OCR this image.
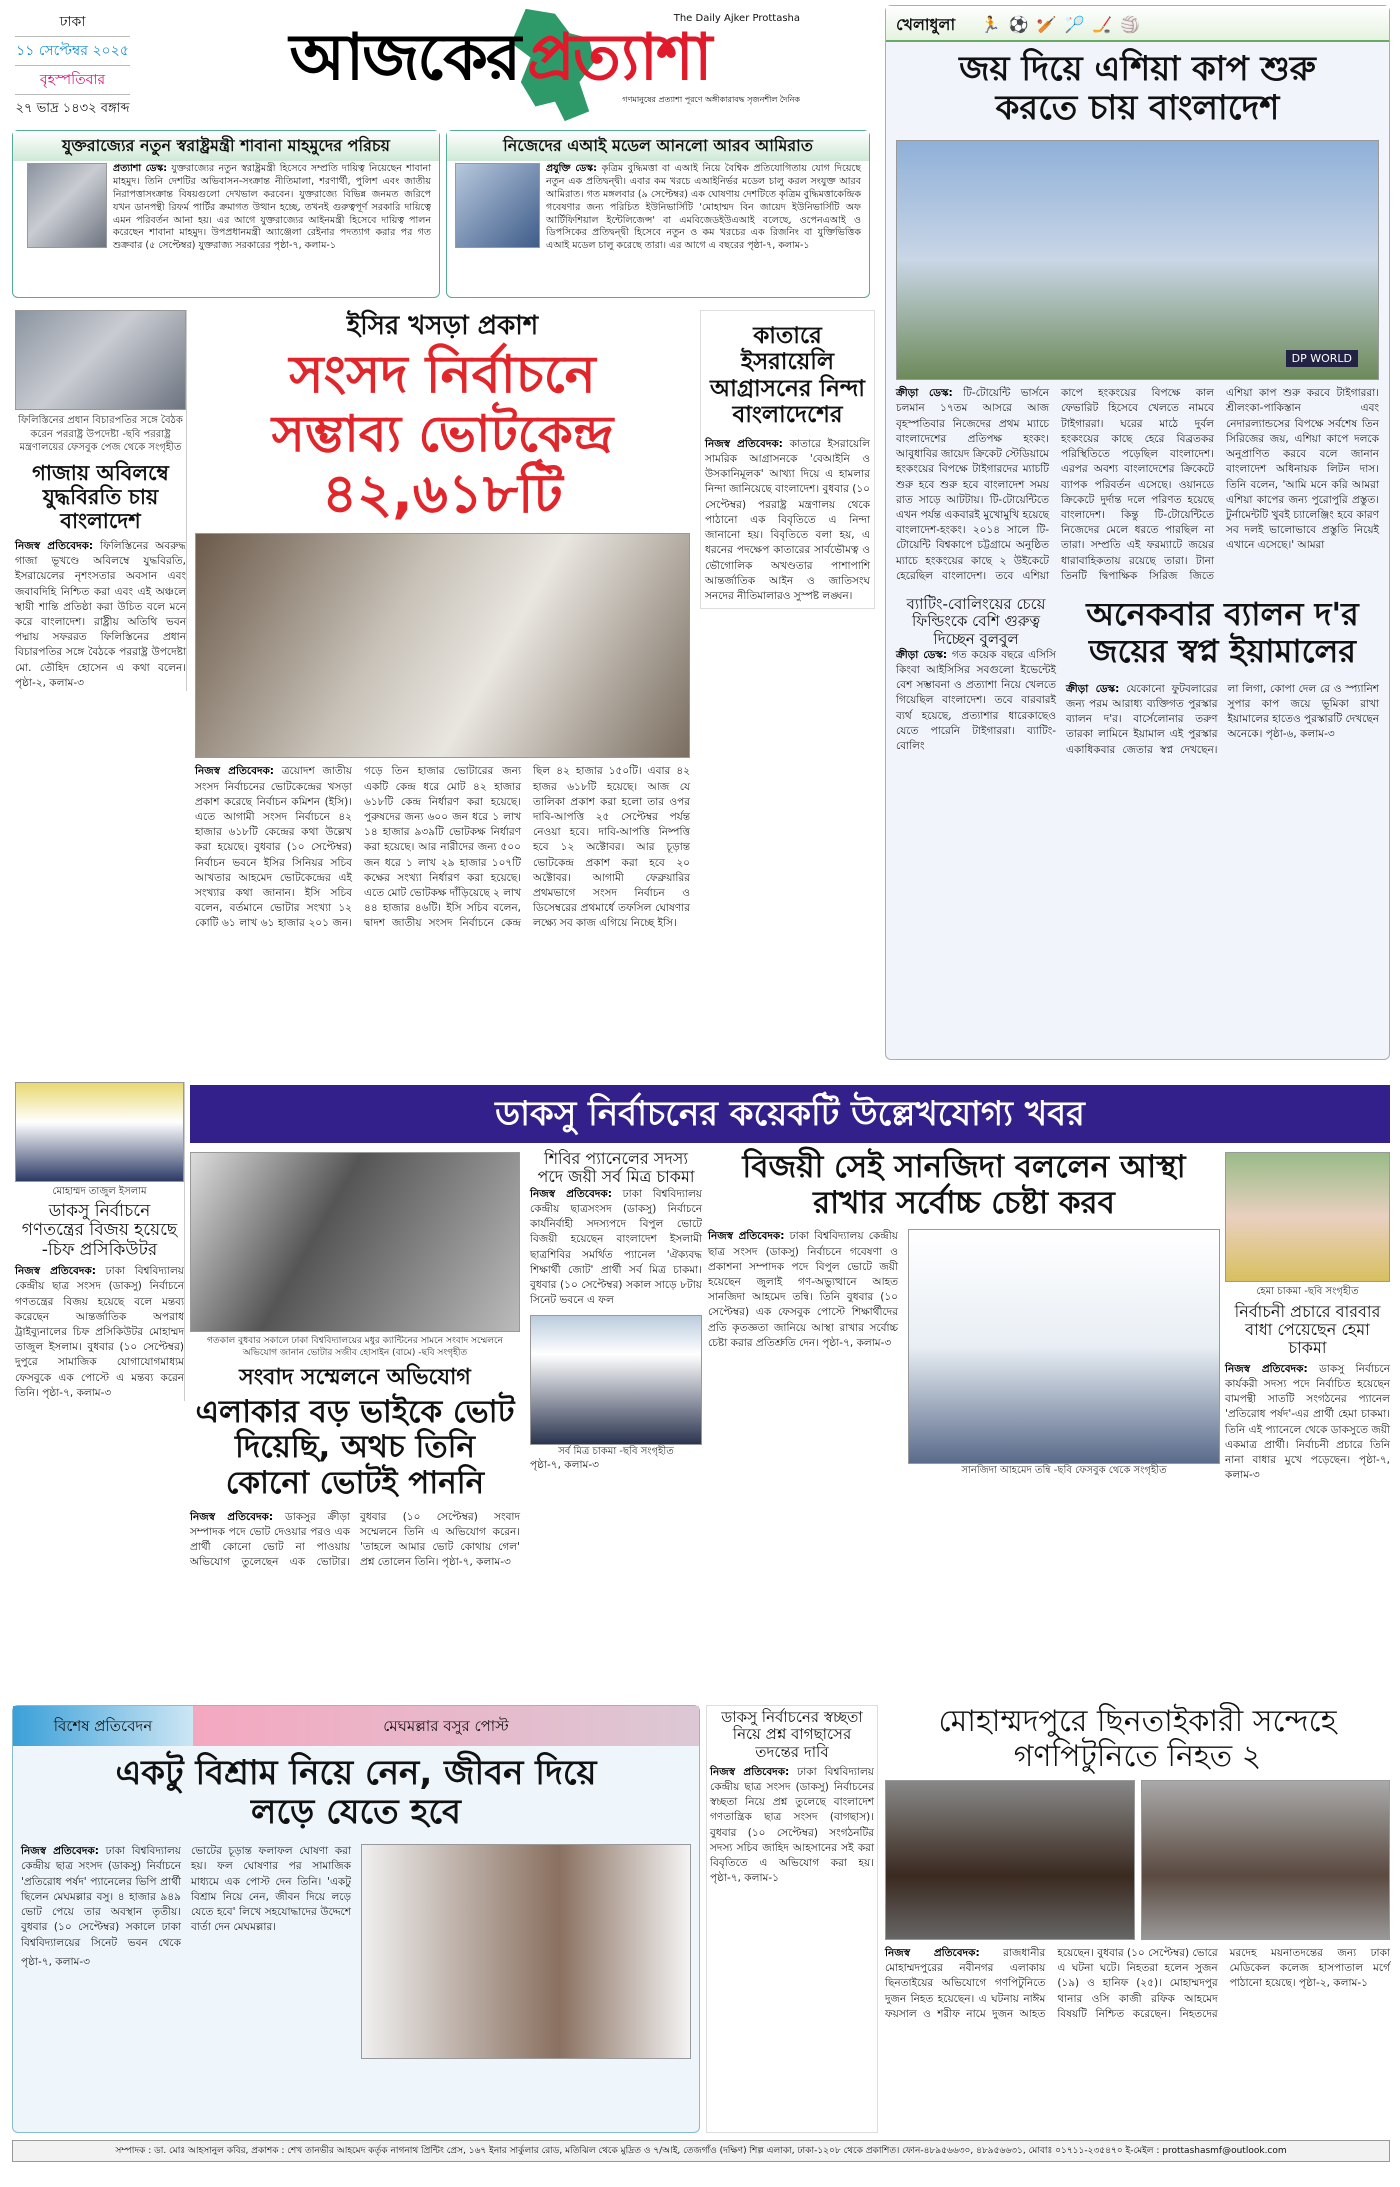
ঢাকা
১১ সেপ্টেম্বর ২০২৫
বৃহস্পতিবার
২৭ ভাদ্র ১৪৩২ বঙ্গাব্দ
The Daily Ajker Prottasha
আজকের প্রত্যাশা
গণমানুষের প্রত্যাশা পূরণে অঙ্গীকারাবদ্ধ সৃজনশীল দৈনিক
যুক্তরাজ্যের নতুন স্বরাষ্ট্রমন্ত্রী শাবানা মাহমুদের পরিচয়
প্রত্যাশা ডেস্ক: যুক্তরাজ্যের নতুন স্বরাষ্ট্রমন্ত্রী হিসেবে সম্প্রতি দায়িত্ব নিয়েছেন শাবানা মাহমুদ। তিনি দেশটির অভিবাসন-সংক্রান্ত নীতিমালা, শরণার্থী, পুলিশ এবং জাতীয় নিরাপত্তাসংক্রান্ত বিষয়গুলো দেখভাল করবেন। যুক্তরাজ্যে বিভিন্ন জনমত জরিপে যখন ডানপন্থী রিফর্ম পার্টির ক্রমাগত উত্থান হচ্ছে, তখনই গুরুত্বপূর্ণ সরকারি দায়িত্বে এমন পরিবর্তন আনা হয়। এর আগে যুক্তরাজ্যের আইনমন্ত্রী হিসেবে দায়িত্ব পালন করেছেন শাবানা মাহমুদ। উপপ্রধানমন্ত্রী অ্যাঞ্জেলা রেইনার পদত্যাগ করার পর গত শুক্রবার (৫ সেপ্টেম্বর) যুক্তরাজ্য সরকারের পৃষ্ঠা-৭, কলাম-১
নিজেদের এআই মডেল আনলো আরব আমিরাত
প্রযুক্তি ডেস্ক: কৃত্রিম বুদ্ধিমত্তা বা এআই নিয়ে বৈশ্বিক প্রতিযোগিতায় যোগ দিয়েছে নতুন এক প্রতিদ্বন্দ্বী। এবার কম খরচে এআইনির্ভর মডেল চালু করল সংযুক্ত আরব আমিরাত। গত মঙ্গলবার (৯ সেপ্টেম্বর) এক ঘোষণায় দেশটিতে কৃত্রিম বুদ্ধিমত্তাকেন্দ্রিক গবেষণার জন্য পরিচিত ইউনিভার্সিটি 'মোহাম্মদ বিন জায়েদ ইউনিভার্সিটি অফ আর্টিফিশিয়াল ইন্টেলিজেন্স' বা এমবিজেডইউএআই বলেছে, ওপেনএআই ও ডিপসিকের প্রতিদ্বন্দ্বী হিসেবে নতুন ও কম খরচের এক রিজনিং বা যুক্তিভিত্তিক এআই মডেল চালু করেছে তারা। এর আগে এ বছরের পৃষ্ঠা-৭, কলাম-১
ফিলিস্তিনের প্রধান বিচারপতির সঙ্গে বৈঠক করেন পররাষ্ট্র উপদেষ্টা -ছবি পররাষ্ট্র মন্ত্রণালয়ের ফেসবুক পেজ থেকে সংগৃহীত
গাজায় অবিলম্বে যুদ্ধবিরতি চায় বাংলাদেশ
নিজস্ব প্রতিবেদক: ফিলিস্তিনের অবরুদ্ধ গাজা ভূখণ্ডে অবিলম্বে যুদ্ধবিরতি, ইসরায়েলের নৃশংসতার অবসান এবং জবাবদিহি নিশ্চিত করা এবং এই অঞ্চলে স্থায়ী শান্তি প্রতিষ্ঠা করা উচিত বলে মনে করে বাংলাদেশ। রাষ্ট্রীয় অতিথি ভবন পদ্মায় সফররত ফিলিস্তিনের প্রধান বিচারপতির সঙ্গে বৈঠকে পররাষ্ট্র উপদেষ্টা মো. তৌহিদ হোসেন এ কথা বলেন। পৃষ্ঠা-২, কলাম-৩
ইসির খসড়া প্রকাশ
সংসদ নির্বাচনে
সম্ভাব্য ভোটকেন্দ্র
৪২,৬১৮টি
নিজস্ব প্রতিবেদক: ত্রয়োদশ জাতীয় সংসদ নির্বাচনের ভোটকেন্দ্রের খসড়া প্রকাশ করেছে নির্বাচন কমিশন (ইসি)। এতে আগামী সংসদ নির্বাচনে ৪২ হাজার ৬১৮টি কেন্দ্রের কথা উল্লেখ করা হয়েছে। বুধবার (১০ সেপ্টেম্বর) নির্বাচন ভবনে ইসির সিনিয়র সচিব আখতার আহমেদ ভোটকেন্দ্রের এই সংখ্যার কথা জানান। ইসি সচিব বলেন, বর্তমানে ভোটার সংখ্যা ১২ কোটি ৬১ লাখ ৬১ হাজার ২০১ জন। গড়ে তিন হাজার ভোটারের জন্য একটি কেন্দ্র ধরে মোট ৪২ হাজার ৬১৮টি কেন্দ্র নির্ধারণ করা হয়েছে। পুরুষদের জন্য ৬০০ জন ধরে ১ লাখ ১৪ হাজার ৯৩৯টি ভোটকক্ষ নির্ধারণ করা হয়েছে। আর নারীদের জন্য ৫০০ জন ধরে ১ লাখ ২৯ হাজার ১০৭টি কক্ষের সংখ্যা নির্ধারণ করা হয়েছে। এতে মোট ভোটকক্ষ দাঁড়িয়েছে ২ লাখ ৪৪ হাজার ৪৬টি। ইসি সচিব বলেন, দ্বাদশ জাতীয় সংসদ নির্বাচনে কেন্দ্র ছিল ৪২ হাজার ১৫০টি। এবার ৪২ হাজর ৬১৮টি হয়েছে। আজ যে তালিকা প্রকাশ করা হলো তার ওপর দাবি-আপত্তি ২৫ সেপ্টেম্বর পর্যন্ত নেওয়া হবে। দাবি-আপত্তি নিষ্পত্তি হবে ১২ অক্টোবর। আর চূড়ান্ত ভোটকেন্দ্র প্রকাশ করা হবে ২০ অক্টোবর। আগামী ফেব্রুয়ারির প্রথমভাগে সংসদ নির্বাচন ও ডিসেম্বরের প্রথমার্ধে তফসিল ঘোষণার লক্ষ্যে সব কাজ এগিয়ে নিচ্ছে ইসি।
কাতারে ইসরায়েলি আগ্রাসনের নিন্দা বাংলাদেশের
নিজস্ব প্রতিবেদক: কাতারে ইসরায়েলি সামরিক আগ্রাসনকে 'বেআইনি ও উসকানিমূলক' আখ্যা দিয়ে এ হামলার নিন্দা জানিয়েছে বাংলাদেশ। বুধবার (১০ সেপ্টেম্বর) পররাষ্ট্র মন্ত্রণালয় থেকে পাঠানো এক বিবৃতিতে এ নিন্দা জানানো হয়। বিবৃতিতে বলা হয়, এ ধরনের পদক্ষেপ কাতারের সার্বভৌমত্ব ও ভৌগোলিক অখণ্ডতার পাশাপাশি আন্তর্জাতিক আইন ও জাতিসংঘ সনদের নীতিমালারও সুস্পষ্ট লঙ্ঘন।
খেলাধুলা 🏃⚽🏏🏸🏒🏐
জয় দিয়ে এশিয়া কাপ শুরু করতে চায় বাংলাদেশ
DP WORLD
ক্রীড়া ডেস্ক: টি-টোয়েন্টি ভার্সনে চলমান ১৭তম আসরে আজ বৃহস্পতিবার নিজেদের প্রথম ম্যাচে বাংলাদেশের প্রতিপক্ষ হংকং। আবুধাবির জায়েদ ক্রিকেট স্টেডিয়ামে হংকংয়ের বিপক্ষে টাইগারদের ম্যাচটি শুরু হবে শুরু হবে বাংলাদেশ সময় রাত সাড়ে আটটায়। টি-টোয়েন্টিতে এখন পর্যন্ত একবারই মুখোমুখি হয়েছে বাংলাদেশ-হংকং। ২০১৪ সালে টি-টোয়েন্টি বিশ্বকাপে চট্টগ্রামে অনুষ্ঠিত ম্যাচে হংকংয়ের কাছে ২ উইকেটে হেরেছিল বাংলাদেশ। তবে এশিয়া কাপে হংকংয়ের বিপক্ষে কাল ফেভারিট হিসেবে খেলতে নামবে টাইগাররা। ঘরের মাঠে দুর্বল হংকংয়ের কাছে হেরে বিব্রতকর পরিস্থিতিতে পড়েছিল বাংলাদেশ। এরপর অবশ্য বাংলাদেশের ক্রিকেটে ব্যাপক পরিবর্তন এসেছে। ওয়ানডে ক্রিকেটে দুর্দান্ত দলে পরিণত হয়েছে বাংলাদেশ। কিন্তু টি-টোয়েন্টিতে নিজেদের মেলে ধরতে পারছিল না তারা। সম্প্রতি এই ফরম্যাটে জয়ের ধারাবাহিকতায় রয়েছে তারা। টানা তিনটি দ্বিপাক্ষিক সিরিজ জিতে এশিয়া কাপ শুরু করবে টাইগাররা। শ্রীলংকা-পাকিস্তান এবং নেদারল্যান্ডসের বিপক্ষে সর্বশেষ তিন সিরিজের জয়, এশিয়া কাপে দলকে অনুপ্রাণিত করবে বলে জানান বাংলাদেশ অধিনায়ক লিটন দাস। তিনি বলেন, 'আমি মনে করি আমরা এশিয়া কাপের জন্য পুরোপুরি প্রস্তুত। টুর্নামেন্টটি খুবই চ্যালেঞ্জিং হবে কারণ সব দলই ভালোভাবে প্রস্তুতি নিয়েই এখানে এসেছে।' আমরা
ব্যাটিং-বোলিংয়ের চেয়ে ফিল্ডিংকে বেশি গুরুত্ব দিচ্ছেন বুলবুল
ক্রীড়া ডেস্ক: গত কয়েক বছরে এসিসি কিংবা আইসিসির সবগুলো ইভেন্টেই বেশ সম্ভাবনা ও প্রত্যাশা নিয়ে খেলতে গিয়েছিল বাংলাদেশ। তবে বারবারই ব্যর্থ হয়েছে, প্রত্যাশার ধারেকাছেও যেতে পারেনি টাইগাররা। ব্যাটিং-বোলিং
অনেকবার ব্যালন দ'র জয়ের স্বপ্ন ইয়ামালের
ক্রীড়া ডেস্ক: যেকোনো ফুটবলারের জন্য পরম আরাধ্য ব্যক্তিগত পুরস্কার ব্যালন দ'র। বার্সেলোনার তরুণ তারকা লামিনে ইয়ামাল এই পুরস্কার একাধিকবার জেতার স্বপ্ন দেখছেন। লা লিগা, কোপা দেল রে ও স্প্যানিশ সুপার কাপ জয়ে ভূমিকা রাখা ইয়ামালের হাতেও পুরস্কারটি দেখছেন অনেকে। পৃষ্ঠা-৬, কলাম-৩
ডাকসু নির্বাচনের কয়েকটি উল্লেখযোগ্য খবর
মোহাম্মদ তাজুল ইসলাম
ডাকসু নির্বাচনে গণতন্ত্রের বিজয় হয়েছে -চিফ প্রসিকিউটর
নিজস্ব প্রতিবেদক: ঢাকা বিশ্ববিদ্যালয় কেন্দ্রীয় ছাত্র সংসদ (ডাকসু) নির্বাচনে গণতন্ত্রের বিজয় হয়েছে বলে মন্তব্য করেছেন আন্তর্জাতিক অপরাধ ট্রাইব্যুনালের চিফ প্রসিকিউটর মোহাম্মদ তাজুল ইসলাম। বুধবার (১০ সেপ্টেম্বর) দুপুরে সামাজিক যোগাযোগমাধ্যম ফেসবুকে এক পোস্টে এ মন্তব্য করেন তিনি। পৃষ্ঠা-৭, কলাম-৩
গতকাল বুধবার সকালে ঢাকা বিশ্ববিদ্যালয়ের মধুর ক্যান্টিনের সামনে সংবাদ সম্মেলনে অভিযোগ জানান ভোটার সজীব হোসাইন (বামে) -ছবি সংগৃহীত
সংবাদ সম্মেলনে অভিযোগ
এলাকার বড় ভাইকে ভোট দিয়েছি, অথচ তিনি কোনো ভোটই পাননি
নিজস্ব প্রতিবেদক: ডাকসুর ক্রীড়া সম্পাদক পদে ভোট দেওয়ার পরও এক প্রার্থী কোনো ভোট না পাওয়ায় অভিযোগ তুলেছেন এক ভোটার। বুধবার (১০ সেপ্টেম্বর) সংবাদ সম্মেলনে তিনি এ অভিযোগ করেন। 'তাহলে আমার ভোট কোথায় গেল' প্রশ্ন তোলেন তিনি। পৃষ্ঠা-৭, কলাম-৩
শিবির প্যানেলের সদস্য পদে জয়ী সর্ব মিত্র চাকমা
নিজস্ব প্রতিবেদক: ঢাকা বিশ্ববিদ্যালয় কেন্দ্রীয় ছাত্রসংসদ (ডাকসু) নির্বাচনে কার্যনির্বাহী সদস্যপদে বিপুল ভোটে বিজয়ী হয়েছেন বাংলাদেশ ইসলামী ছাত্রশিবির সমর্থিত প্যানেল 'ঐক্যবদ্ধ শিক্ষার্থী জোট' প্রার্থী সর্ব মিত্র চাকমা। বুধবার (১০ সেপ্টেম্বর) সকাল সাড়ে ৮টায় সিনেট ভবনে এ ফল
সর্ব মিত্র চাকমা -ছবি সংগৃহীত
পৃষ্ঠা-৭, কলাম-৩
বিজয়ী সেই সানজিদা বললেন আস্থা রাখার সর্বোচ্চ চেষ্টা করব
নিজস্ব প্রতিবেদক: ঢাকা বিশ্ববিদ্যালয় কেন্দ্রীয় ছাত্র সংসদ (ডাকসু) নির্বাচনে গবেষণা ও প্রকাশনা সম্পাদক পদে বিপুল ভোটে জয়ী হয়েছেন জুলাই গণ-অভ্যুত্থানে আহত সানজিদা আহমেদ তন্বি। তিনি বুধবার (১০ সেপ্টেম্বর) এক ফেসবুক পোস্টে শিক্ষার্থীদের প্রতি কৃতজ্ঞতা জানিয়ে আস্থা রাখার সর্বোচ্চ চেষ্টা করার প্রতিশ্রুতি দেন। পৃষ্ঠা-৭, কলাম-৩
সানজিদা আহমেদ তন্বি -ছবি ফেসবুক থেকে সংগৃহীত
হেমা চাকমা -ছবি সংগৃহীত
নির্বাচনী প্রচারে বারবার বাধা পেয়েছেন হেমা চাকমা
নিজস্ব প্রতিবেদক: ডাকসু নির্বাচনে কার্যকরী সদস্য পদে নির্বাচিত হয়েছেন বামপন্থী সাতটি সংগঠনের প্যানেল 'প্রতিরোধ পর্ষদ'-এর প্রার্থী হেমা চাকমা। তিনি এই প্যানেলে থেকে ডাকসুতে জয়ী একমাত্র প্রার্থী। নির্বাচনী প্রচারে তিনি নানা বাধার মুখে পড়েছেন। পৃষ্ঠা-৭, কলাম-৩
বিশেষ প্রতিবেদন	মেঘমল্লার বসুর পোস্ট
একটু বিশ্রাম নিয়ে নেন, জীবন দিয়ে লড়ে যেতে হবে
নিজস্ব প্রতিবেদক: ঢাকা বিশ্ববিদ্যালয় কেন্দ্রীয় ছাত্র সংসদ (ডাকসু) নির্বাচনে 'প্রতিরোধ পর্ষদ' প্যানেলের ভিপি প্রার্থী ছিলেন মেঘমল্লার বসু। ৪ হাজার ৯৪৯ ভোট পেয়ে তার অবস্থান তৃতীয়। বুধবার (১০ সেপ্টেম্বর) সকালে ঢাকা বিশ্ববিদ্যালয়ের সিনেট ভবন থেকে ভোটের চূড়ান্ত ফলাফল ঘোষণা করা হয়। ফল ঘোষণার পর সামাজিক মাধ্যমে এক পোস্ট দেন তিনি। 'একটু বিশ্রাম নিয়ে নেন, জীবন দিয়ে লড়ে যেতে হবে' লিখে সহযোদ্ধাদের উদ্দেশে বার্তা দেন মেঘমল্লার।
পৃষ্ঠা-৭, কলাম-৩
ডাকসু নির্বাচনের স্বচ্ছতা নিয়ে প্রশ্ন বাগছাসের তদন্তের দাবি
নিজস্ব প্রতিবেদক: ঢাকা বিশ্ববিদ্যালয় কেন্দ্রীয় ছাত্র সংসদ (ডাকসু) নির্বাচনের স্বচ্ছতা নিয়ে প্রশ্ন তুলেছে বাংলাদেশ গণতান্ত্রিক ছাত্র সংসদ (বাগছাস)। বুধবার (১০ সেপ্টেম্বর) সংগঠনটির সদস্য সচিব জাহিদ আহসানের সই করা বিবৃতিতে এ অভিযোগ করা হয়। পৃষ্ঠা-৭, কলাম-১
মোহাম্মদপুরে ছিনতাইকারী সন্দেহে গণপিটুনিতে নিহত ২
নিজস্ব প্রতিবেদক: রাজধানীর মোহাম্মদপুরের নবীনগর এলাকায় ছিনতাইয়ের অভিযোগে গণপিটুনিতে দুজন নিহত হয়েছেন। এ ঘটনায় নাঈম ফয়সাল ও শরীফ নামে দুজন আহত হয়েছেন। বুধবার (১০ সেপ্টেম্বর) ভোরে এ ঘটনা ঘটে। নিহতরা হলেন সুজন (১৯) ও হানিফ (২৫)। মোহাম্মদপুর থানার ওসি কাজী রফিক আহমেদ বিষয়টি নিশ্চিত করেছেন। নিহতদের মরদেহ ময়নাতদন্তের জন্য ঢাকা মেডিকেল কলেজ হাসপাতাল মর্গে পাঠানো হয়েছে। পৃষ্ঠা-২, কলাম-১
সম্পাদক : ডা. মোঃ আহসানুল কবির, প্রকাশক : শেখ তানভীর আহমেদ কর্তৃক নাগনাথ প্রিন্টিং প্রেস, ১৬৭ ইনার সার্কুলার রোড, মতিঝিল থেকে মুদ্রিত ও ৭/আই, তেজগাঁও (দক্ষিণ) শিল্প এলাকা, ঢাকা-১২০৮ থেকে প্রকাশিত। ফোন-৪৮৯৫৬৬৩০, ৪৮৯৫৬৬৩১, মোবাঃ ০১৭১১-২৩৫৪৭০ ই-মেইল : prottashasmf@outlook.com
